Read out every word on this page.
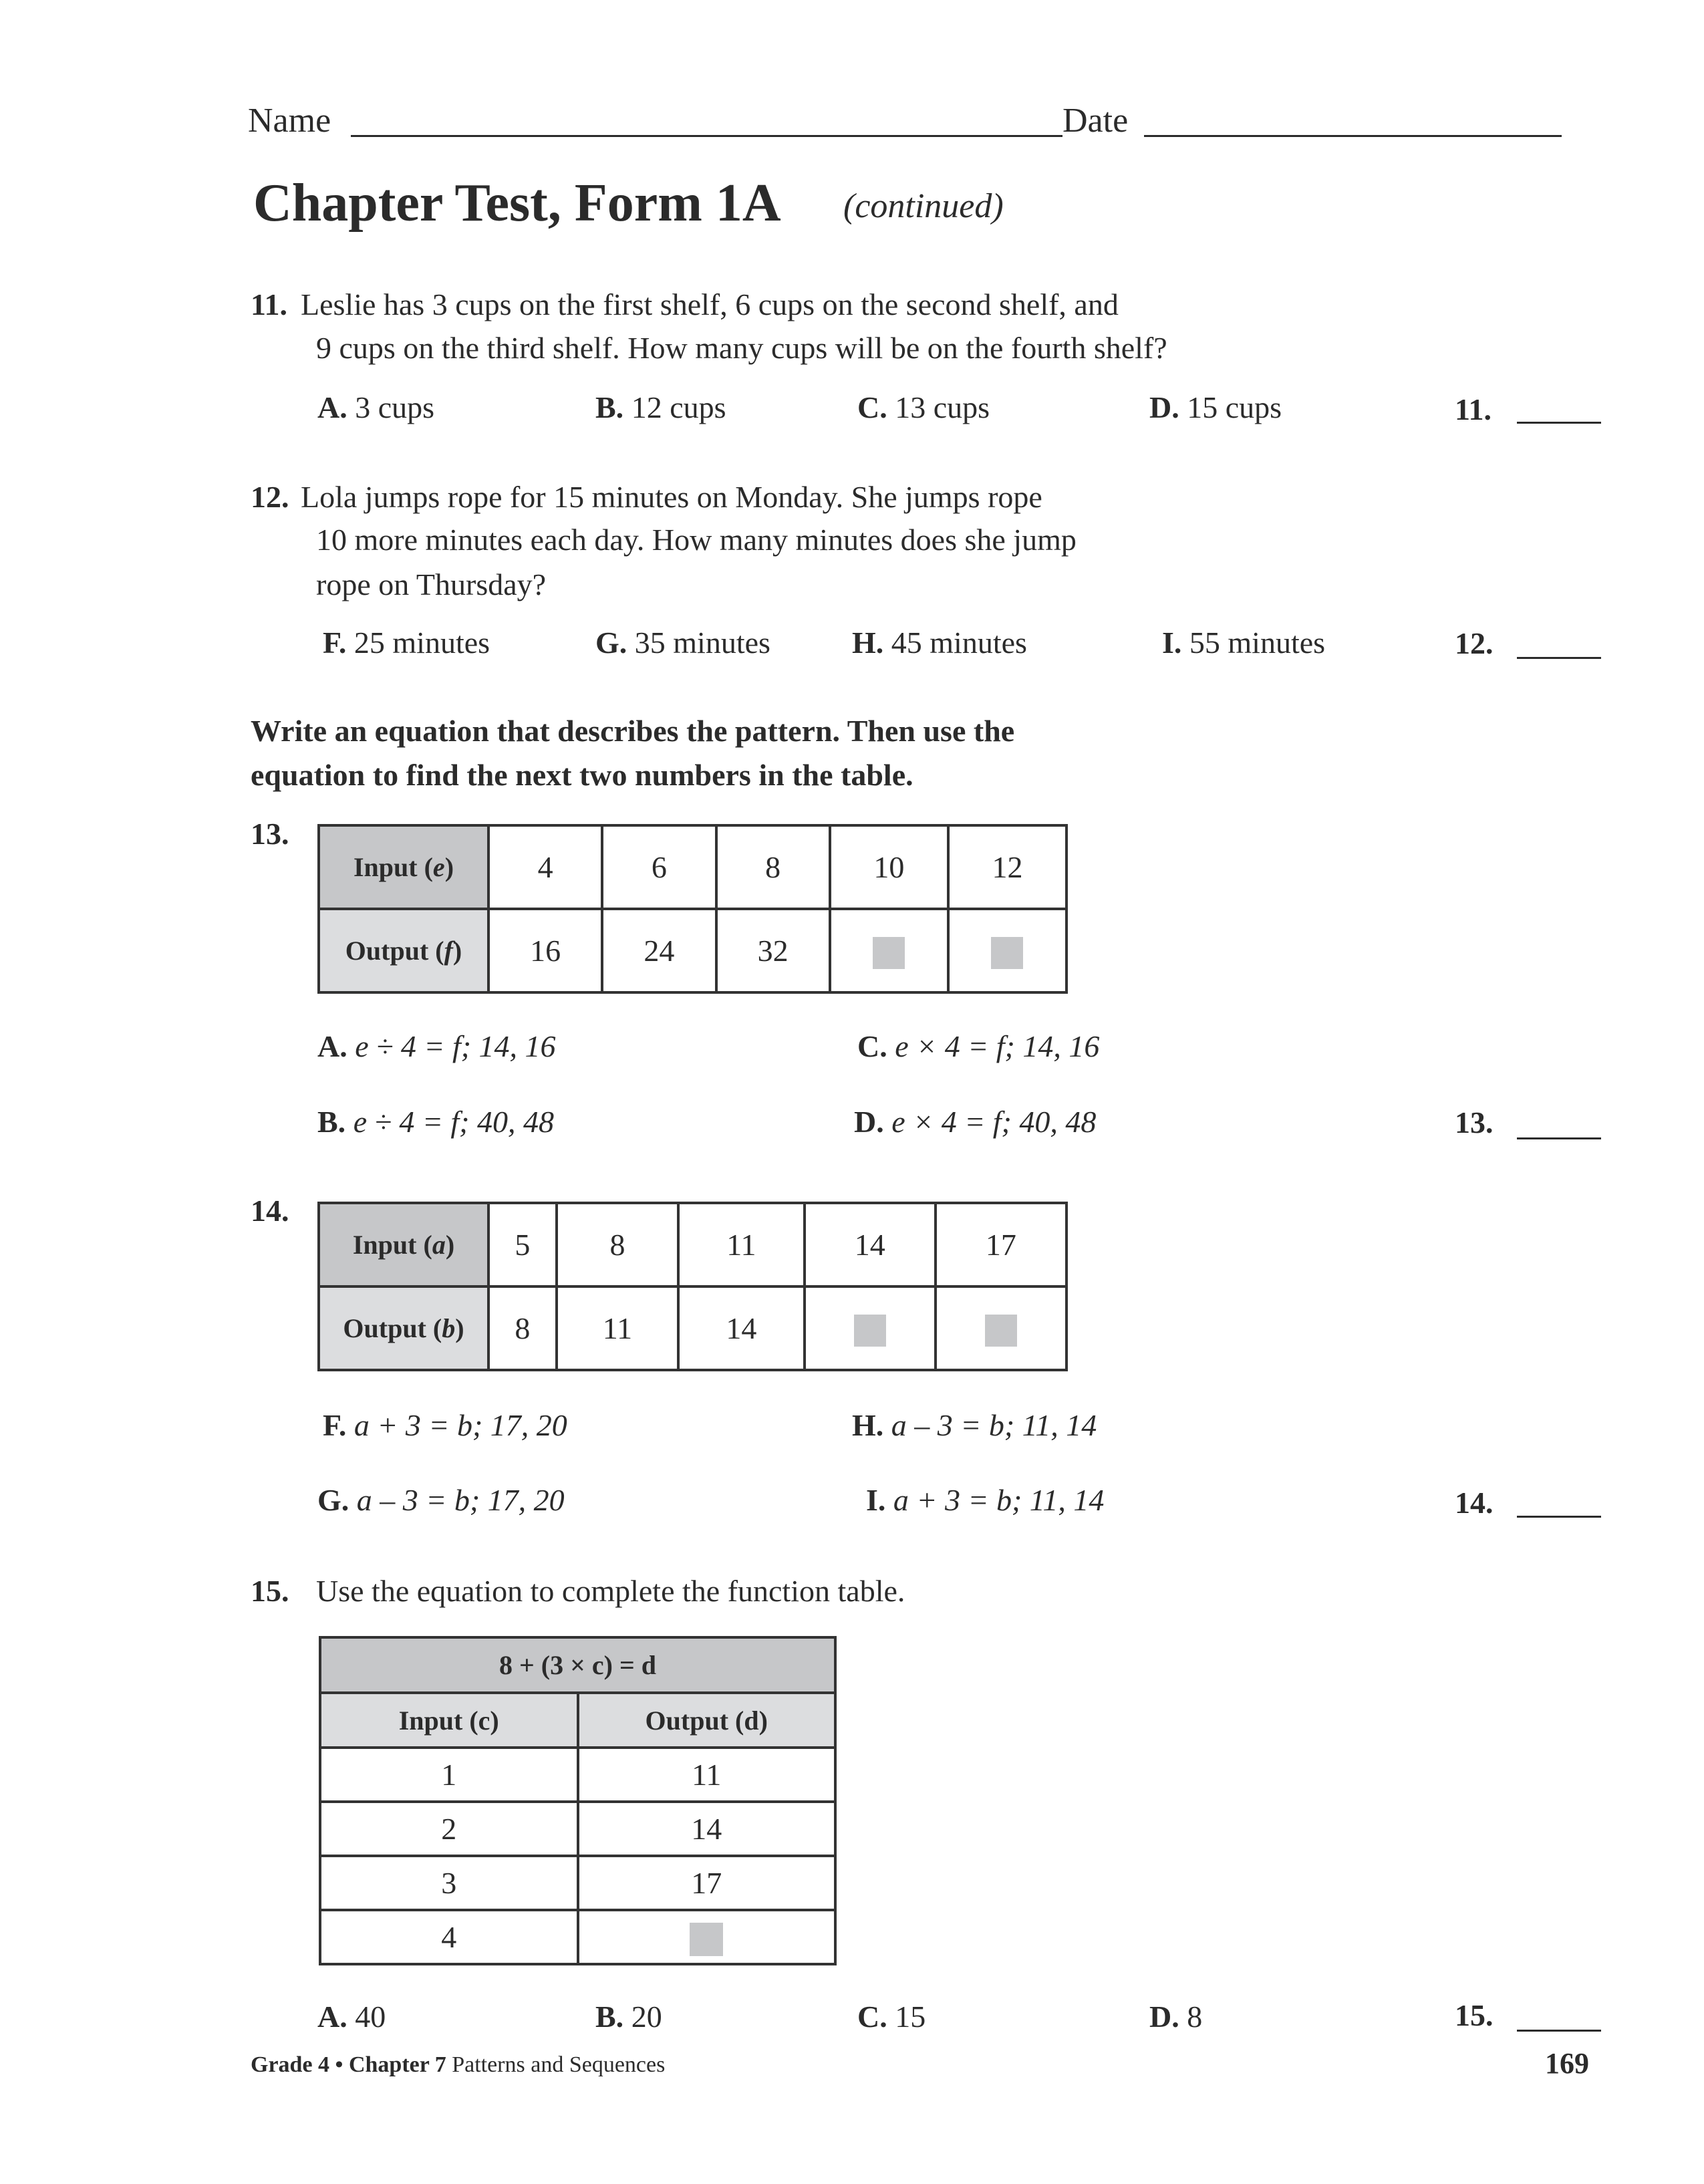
Name	Date
Chapter Test, Form 1A (continued)
11. Leslie has 3 cups on the first shelf, 6 cups on the second shelf, and
9 cups on the third shelf. How many cups will be on the fourth shelf?
A. 3 cups	B. 12 cups	C. 13 cups	D. 15 cups	11.
12. Lola jumps rope for 15 minutes on Monday. She jumps rope
10 more minutes each day. How many minutes does she jump
rope on Thursday?
F. 25 minutes	G. 35 minutes	H. 45 minutes	I. 55 minutes	12.
Write an equation that describes the pattern. Then use the
equation to find the next two numbers in the table.
13.
Input (e)	4	6	8	10	12
Output (f)	16	24	32		
A. e ÷ 4 = f; 14, 16	C. e × 4 = f; 14, 16
B. e ÷ 4 = f; 40, 48	D. e × 4 = f; 40, 48	13.
14.
Input (a)	5	8	11	14	17
Output (b)	8	11	14		
F. a + 3 = b; 17, 20	H. a – 3 = b; 11, 14
G. a – 3 = b; 17, 20	I. a + 3 = b; 11, 14	14.
15. Use the equation to complete the function table.
8 + (3 × c) = d	
Input (c)	Output (d)
1	11
2	14
3	17
4	
A. 40	B. 20	C. 15	D. 8	15.
Grade 4 • Chapter 7 Patterns and Sequences	169
